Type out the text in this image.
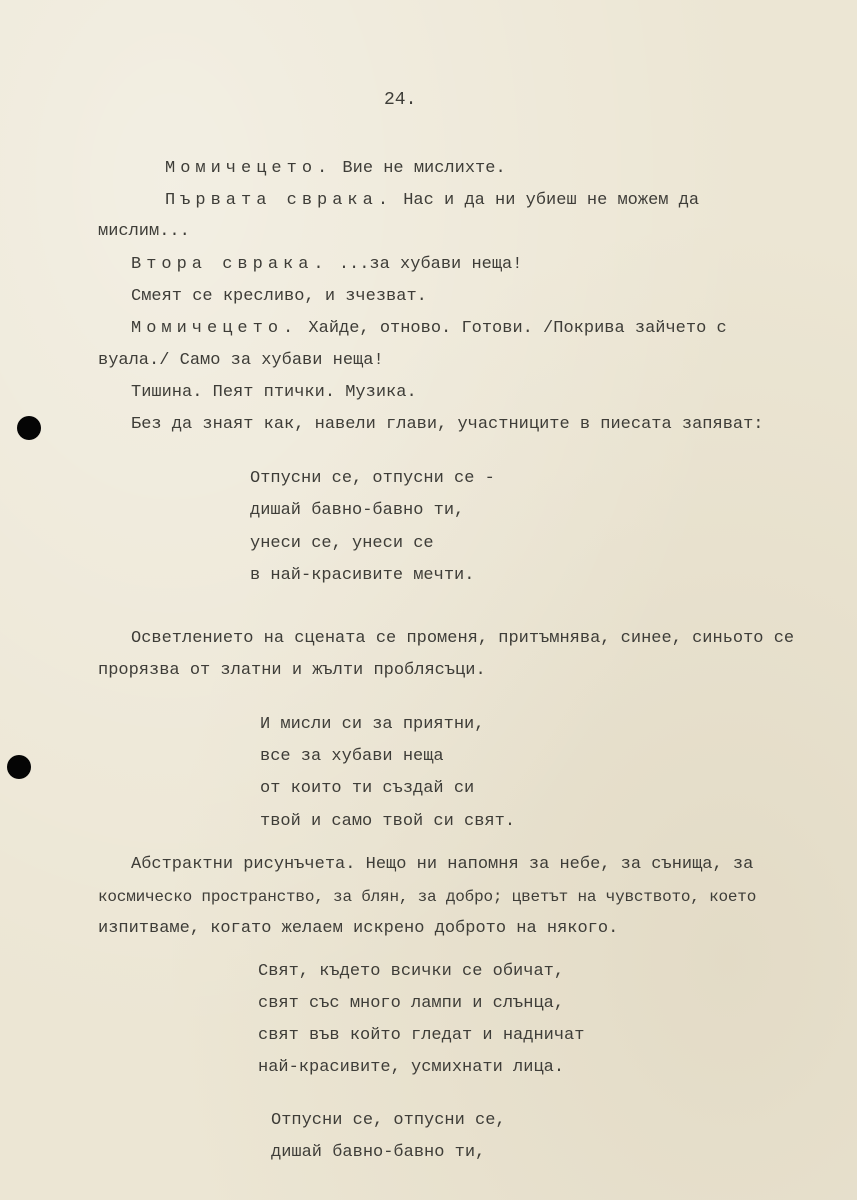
24.
Момичецето. Вие не мислихте.
Първата сврака. Нас и да ни убиеш не можем да
мислим...
Втора сврака. ...за хубави неща!
Смеят се кресливо, и зчезват.
Момичецето. Хайде, отново. Готови. /Покрива зайчето с
вуала./ Само за хубави неща!
Тишина. Пеят птички. Музика.
Без да знаят как, навели глави, участниците в пиесата запяват:
Отпусни се, отпусни се -
дишай бавно-бавно ти,
унеси се, унеси се
в най-красивите мечти.
Осветлението на сцената се променя, притъмнява, синее, синьото се
прорязва от златни и жълти проблясъци.
И мисли си за приятни,
все за хубави неща
от които ти създай си
твой и само твой си свят.
Абстрактни рисунъчета. Нещо ни напомня за небе, за сънища, за
космическо пространство, за блян, за добро; цветът на чувството, което
изпитваме, когато желаем искрено доброто на някого.
Свят, където всички се обичат,
свят със много лампи и слънца,
свят във който гледат и надничат
най-красивите, усмихнати лица.
Отпусни се, отпусни се,
дишай бавно-бавно ти,
